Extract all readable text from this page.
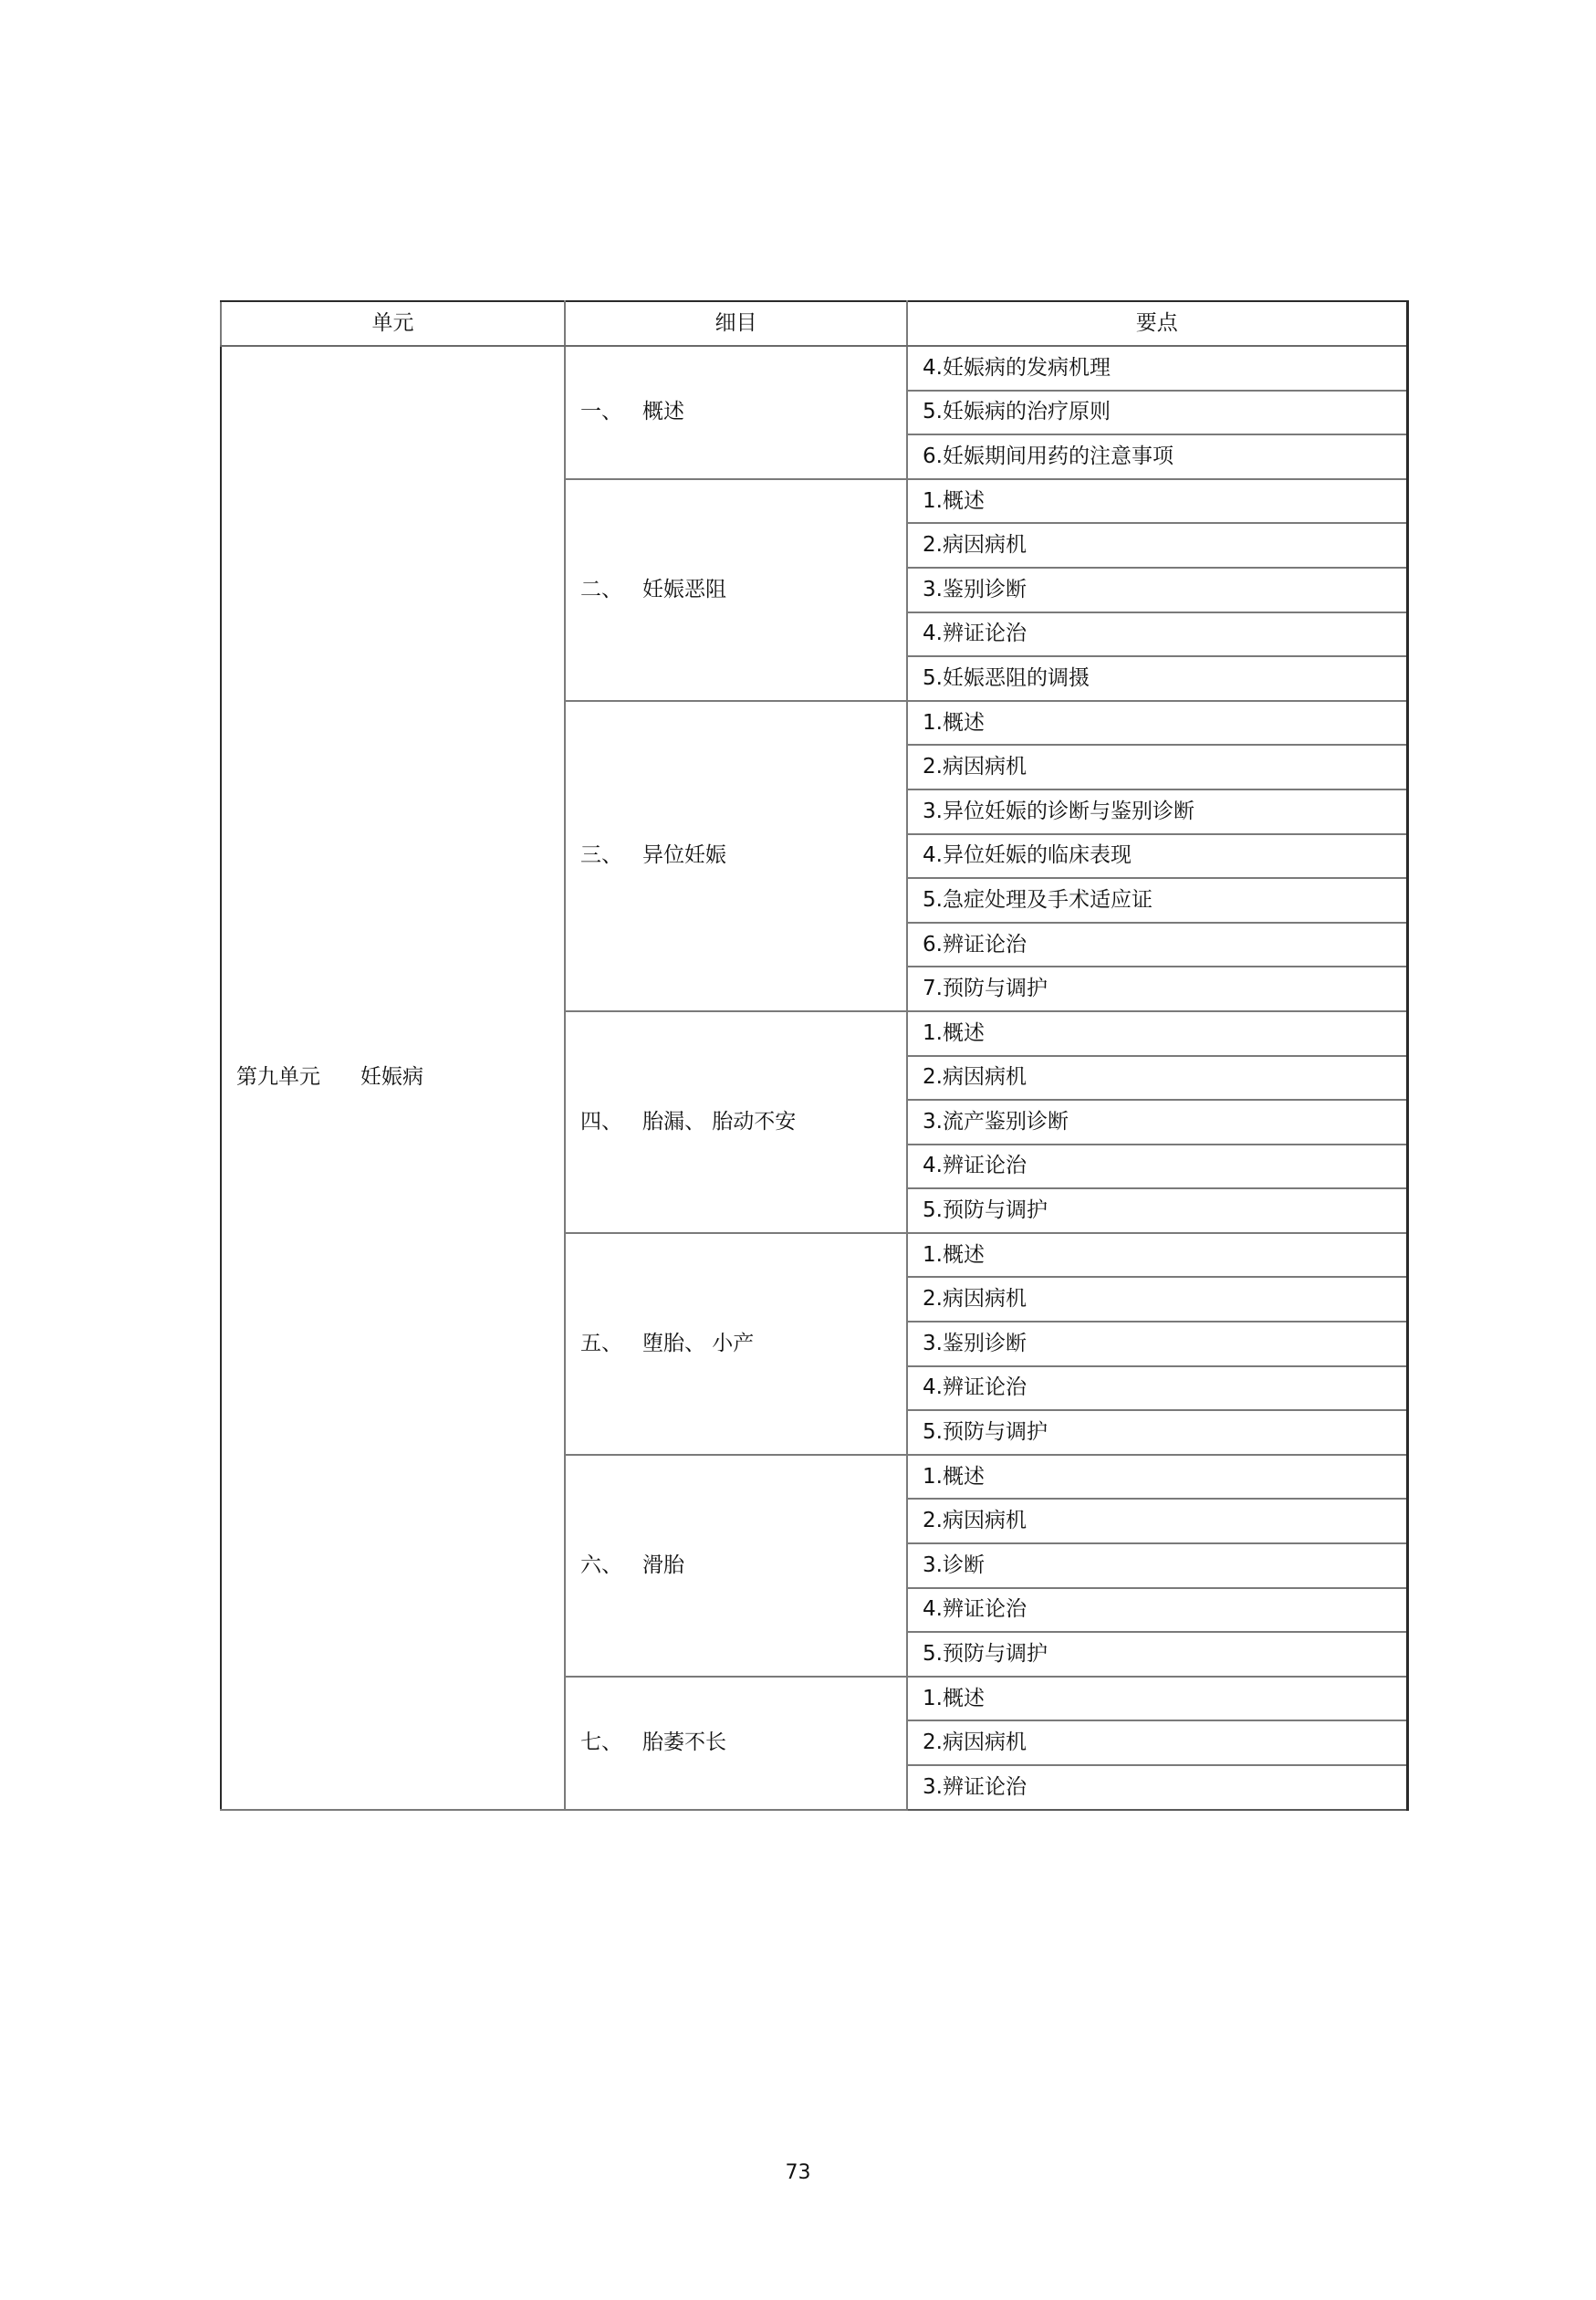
单元	细目	要点
第九单元 妊娠病	一、 概述	4.妊娠病的发病机理
		5.妊娠病的治疗原则
		6.妊娠期间用药的注意事项
	二、 妊娠恶阻	1.概述
		2.病因病机
		3.鉴别诊断
		4.辨证论治
		5.妊娠恶阻的调摄
	三、 异位妊娠	1.概述
		2.病因病机
		3.异位妊娠的诊断与鉴别诊断
		4.异位妊娠的临床表现
		5.急症处理及手术适应证
		6.辨证论治
		7.预防与调护
	四、 胎漏、 胎动不安	1.概述
		2.病因病机
		3.流产鉴别诊断
		4.辨证论治
		5.预防与调护
	五、 堕胎、 小产	1.概述
		2.病因病机
		3.鉴别诊断
		4.辨证论治
		5.预防与调护
	六、 滑胎	1.概述
		2.病因病机
		3.诊断
		4.辨证论治
		5.预防与调护
	七、 胎萎不长	1.概述
		2.病因病机
		3.辨证论治
73
